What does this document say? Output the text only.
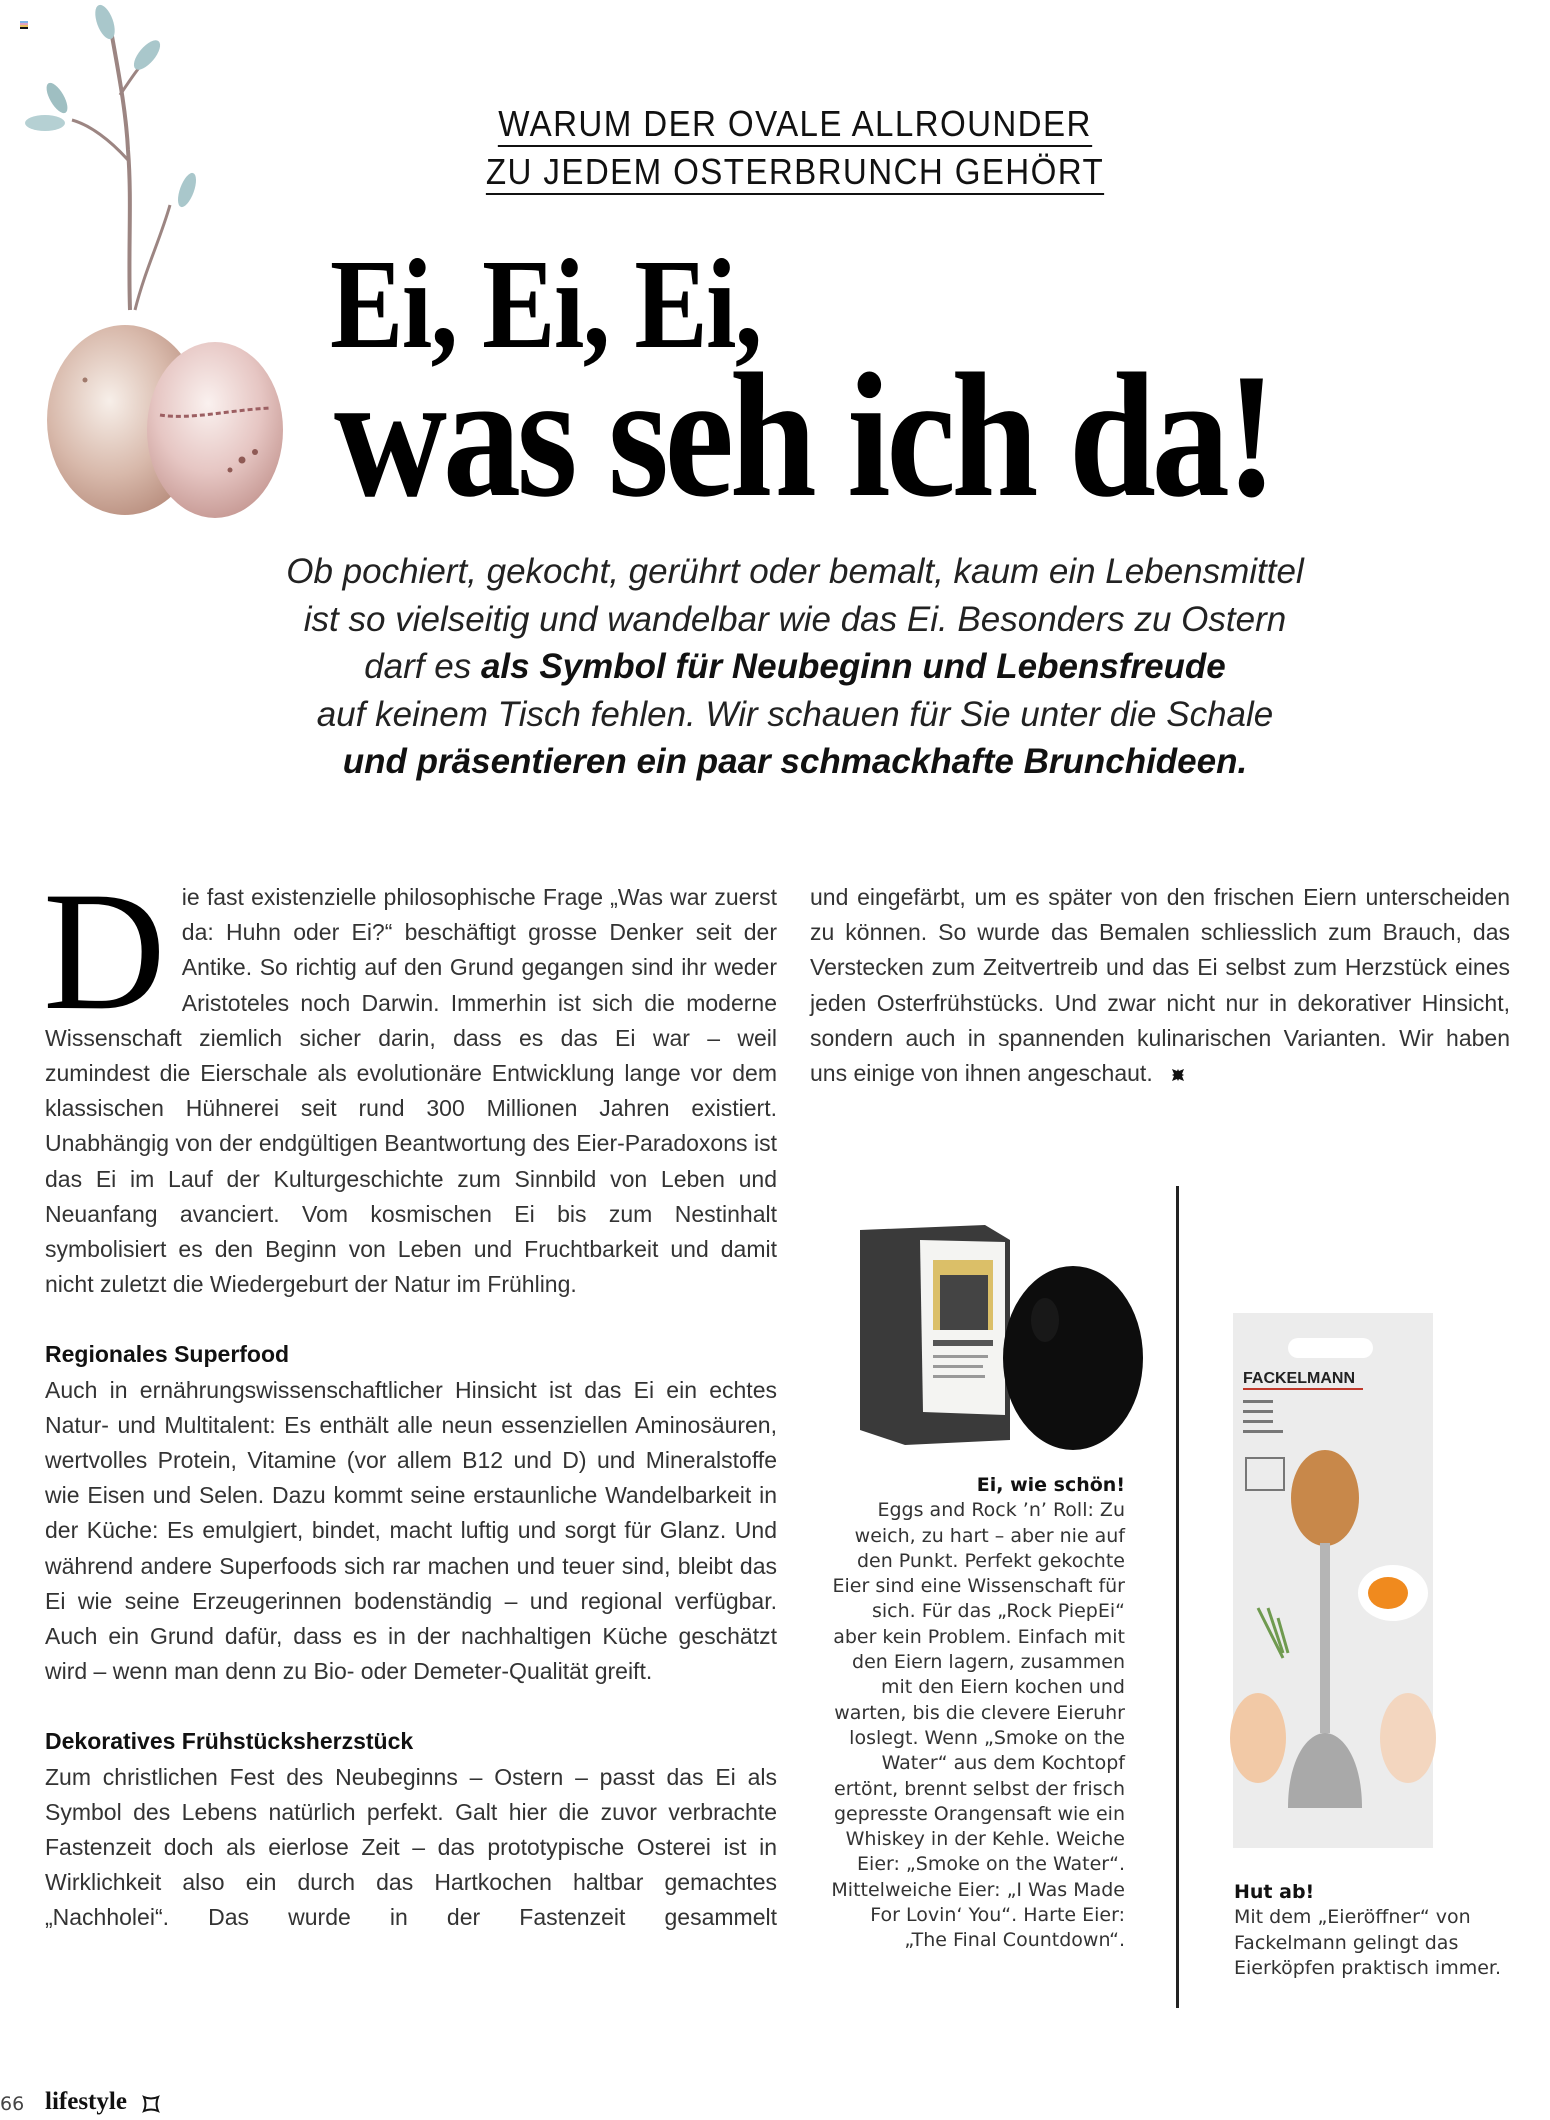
WARUM DER OVALE ALLROUNDER
ZU JEDEM OSTERBRUNCH GEHÖRT
Ei, Ei, Ei,
was seh ich da!
Ob pochiert, gekocht, gerührt oder bemalt, kaum ein Lebensmittel
ist so vielseitig und wandelbar wie das Ei. Besonders zu Ostern
darf es als Symbol für Neubeginn und Lebensfreude
auf keinem Tisch fehlen. Wir schauen für Sie unter die Schale
und präsentieren ein paar schmackhafte Brunchideen.
D ie fast existenzielle philosophische Frage „Was war zuerst da: Huhn oder Ei?“ beschäftigt grosse Denker seit der Antike. So richtig auf den Grund gegangen sind ihr weder Aristoteles noch Darwin. Immerhin ist sich die moderne Wissenschaft ziemlich sicher darin, dass es das Ei war – weil zumindest die Eierschale als evolutionäre Entwicklung lange vor dem klassischen Hühnerei seit rund 300 Millionen Jahren existiert. Unabhängig von der endgültigen Beantwortung des Eier-Paradoxons ist das Ei im Lauf der Kulturgeschichte zum Sinnbild von Leben und Neuanfang avanciert. Vom kosmischen Ei bis zum Nestinhalt symbolisiert es den Beginn von Leben und Fruchtbarkeit und damit nicht zuletzt die Wiedergeburt der Natur im Frühling.

Regionales Superfood

Auch in ernährungswissenschaftlicher Hinsicht ist das Ei ein echtes Natur- und Multitalent: Es enthält alle neun essenziellen Aminosäuren, wertvolles Protein, Vitamine (vor allem B12 und D) und Mineralstoffe wie Eisen und Selen. Dazu kommt seine erstaunliche Wandelbarkeit in der Küche: Es emulgiert, bindet, macht luftig und sorgt für Glanz. Und während andere Superfoods sich rar machen und teuer sind, bleibt das Ei wie seine Erzeugerinnen bodenständig – und regional verfügbar. Auch ein Grund dafür, dass es in der nachhaltigen Küche geschätzt wird – wenn man denn zu Bio- oder Demeter-Qualität greift.

Dekoratives Frühstücksherzstück

Zum christlichen Fest des Neubeginns – Ostern – passt das Ei als Symbol des Lebens natürlich perfekt. Galt hier die zuvor verbrachte Fastenzeit doch als eierlose Zeit – das prototypische Osterei ist in Wirklichkeit also ein durch das Hartkochen haltbar gemachtes „Nachholei“. Das wurde in der Fastenzeit gesammelt

und eingefärbt, um es später von den frischen Eiern unterscheiden zu können. So wurde das Bemalen schliesslich zum Brauch, das Verstecken zum Zeitvertreib und das Ei selbst zum Herzstück eines jeden Osterfrühstücks. Und zwar nicht nur in dekorativer Hinsicht, sondern auch in spannenden kulinarischen Varianten. Wir haben uns einige von ihnen angeschaut.

FACKELMANN
Ei, wie schön!
Eggs and Rock ’n’ Roll: Zu weich, zu hart – aber nie auf den Punkt. Perfekt gekochte Eier sind eine Wissenschaft für sich. Für das „Rock PiepEi“ aber kein Problem. Einfach mit den Eiern lagern, zusammen mit den Eiern kochen und warten, bis die clevere Eieruhr loslegt. Wenn „Smoke on the Water“ aus dem Kochtopf ertönt, brennt selbst der frisch gepresste Orangensaft wie ein Whiskey in der Kehle. Weiche Eier: „Smoke on the Water“. Mittelweiche Eier: „I Was Made For Lovin‘ You“. Harte Eier: „The Final Countdown“.
Hut ab!
Mit dem „Eieröffner“ von Fackelmann gelingt das Eierköpfen praktisch immer.
66 lifestyle
